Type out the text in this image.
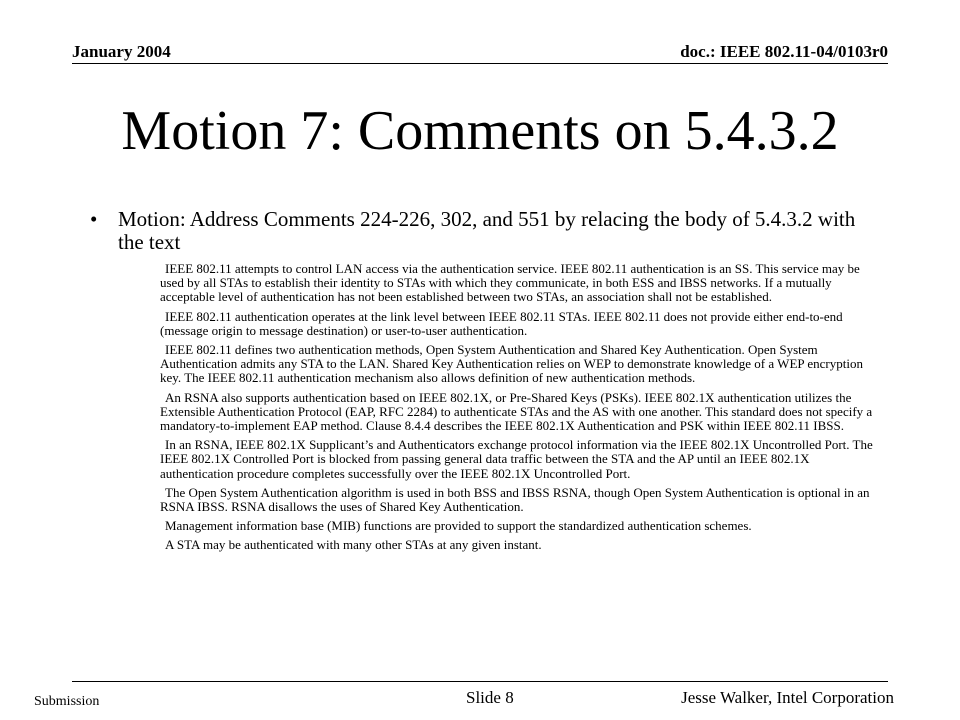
January 2004	doc.: IEEE 802.11-04/0103r0
Motion 7: Comments on 5.4.3.2
• Motion: Address Comments 224-226, 302, and 551 by relacing the body of 5.4.3.2 with the text

IEEE 802.11 attempts to control LAN access via the authentication service. IEEE 802.11 authentication is an SS. This service may be used by all STAs to establish their identity to STAs with which they communicate, in both ESS and IBSS networks. If a mutually acceptable level of authentication has not been established between two STAs, an association shall not be established.

IEEE 802.11 authentication operates at the link level between IEEE 802.11 STAs. IEEE 802.11 does not provide either end-to-end (message origin to message destination) or user-to-user authentication.

IEEE 802.11 defines two authentication methods, Open System Authentication and Shared Key Authentication. Open System Authentication admits any STA to the LAN. Shared Key Authentication relies on WEP to demonstrate knowledge of a WEP encryption key. The IEEE 802.11 authentication mechanism also allows definition of new authentication methods.

An RSNA also supports authentication based on IEEE 802.1X, or Pre-Shared Keys (PSKs). IEEE 802.1X authentication utilizes the Extensible Authentication Protocol (EAP, RFC 2284) to authenticate STAs and the AS with one another. This standard does not specify a mandatory-to-implement EAP method. Clause 8.4.4 describes the IEEE 802.1X Authentication and PSK within IEEE 802.11 IBSS.

In an RSNA, IEEE 802.1X Supplicant’s and Authenticators exchange protocol information via the IEEE 802.1X Uncontrolled Port. The IEEE 802.1X Controlled Port is blocked from passing general data traffic between the STA and the AP until an IEEE 802.1X authentication procedure completes successfully over the IEEE 802.1X Uncontrolled Port.

The Open System Authentication algorithm is used in both BSS and IBSS RSNA, though Open System Authentication is optional in an RSNA IBSS. RSNA disallows the uses of Shared Key Authentication.

Management information base (MIB) functions are provided to support the standardized authentication schemes.

A STA may be authenticated with many other STAs at any given instant.

Submission	Slide 8	Jesse Walker, Intel Corporation
